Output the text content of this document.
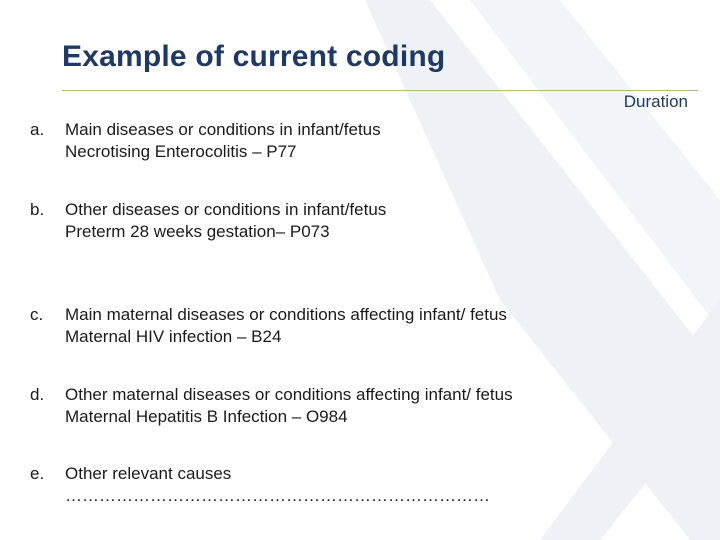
Example of current coding
Duration
a.	Main diseases or conditions in infant/fetus
Necrotising Enterocolitis – P77
b.	Other diseases or conditions in infant/fetus
Preterm 28 weeks gestation– P073
c.	Main maternal diseases or conditions affecting infant/ fetus
Maternal HIV infection – B24
d.	Other maternal diseases or conditions affecting infant/ fetus
Maternal Hepatitis B Infection – O984
e.	Other relevant causes
…………………………………………………………………
